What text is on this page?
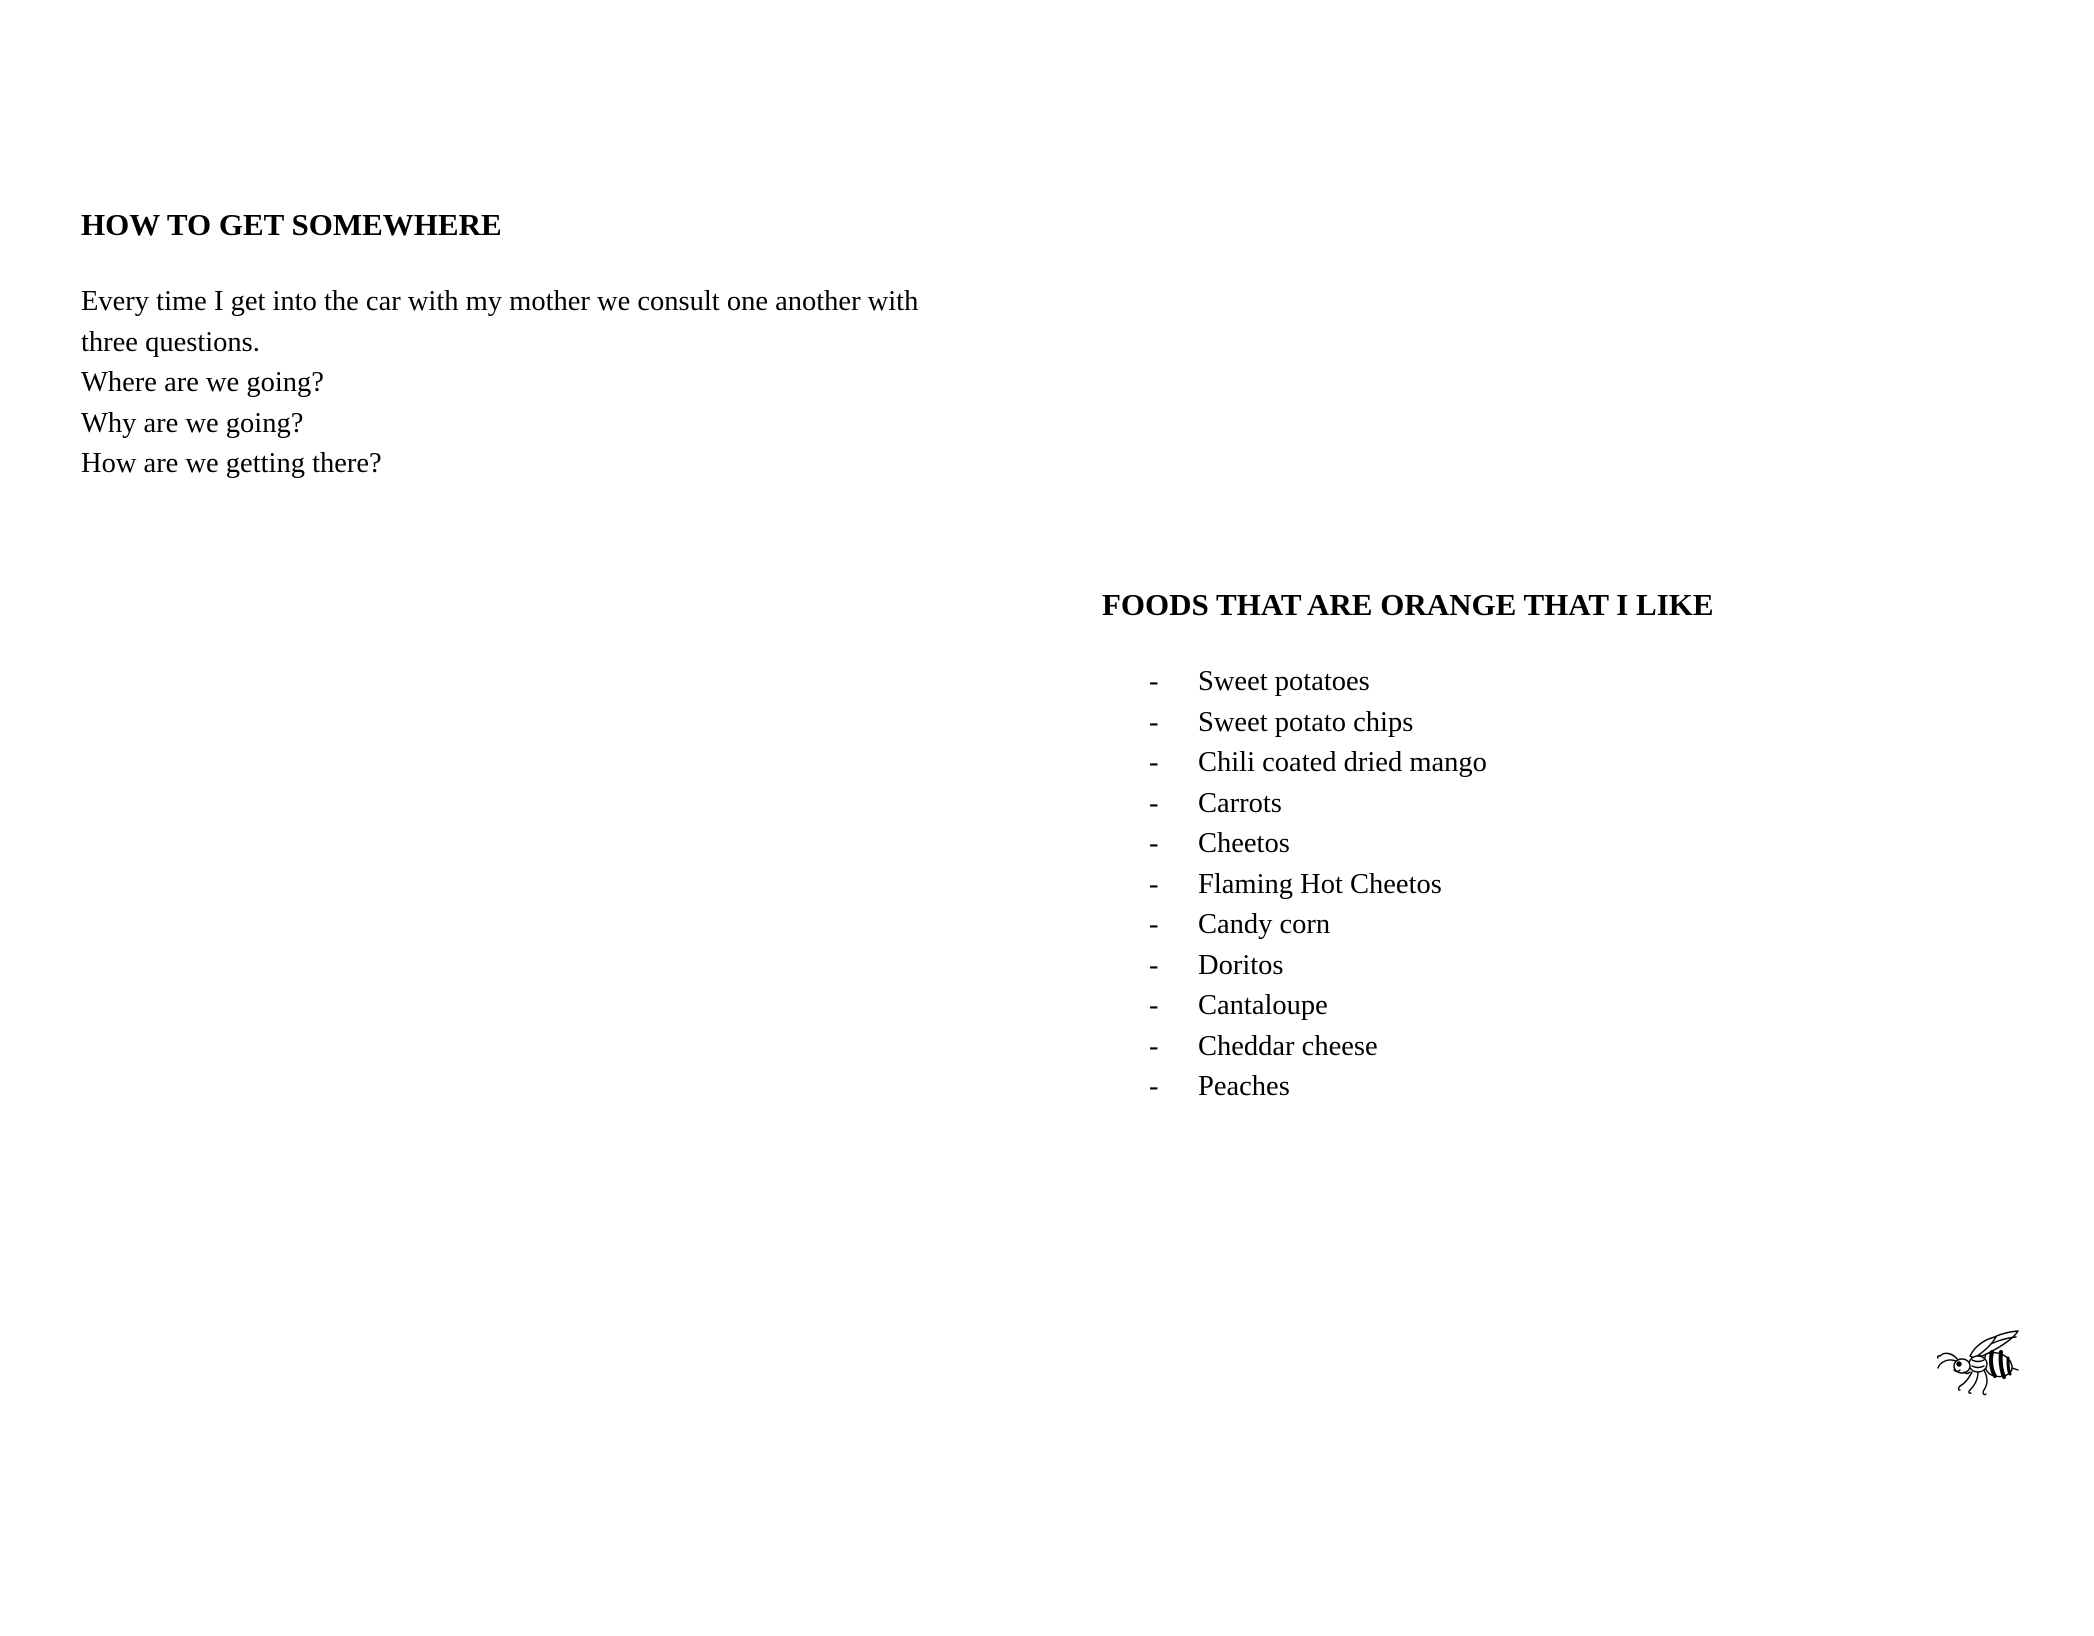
HOW TO GET SOMEWHERE
Every time I get into the car with my mother we consult one another with
three questions.
Where are we going?
Why are we going?
How are we getting there?
FOODS THAT ARE ORANGE THAT I LIKE
- Sweet potatoes
- Sweet potato chips
- Chili coated dried mango
- Carrots
- Cheetos
- Flaming Hot Cheetos
- Candy corn
- Doritos
- Cantaloupe
- Cheddar cheese
- Peaches
